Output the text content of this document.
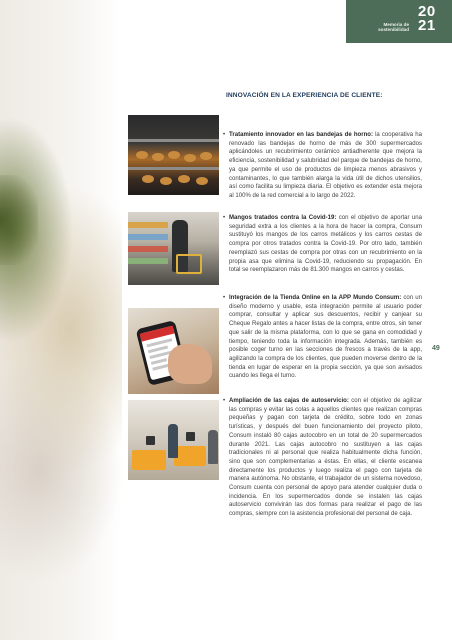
Memoria de
sostenibilidad
20
21
INNOVACIÓN EN LA EXPERIENCIA DE CLIENTE:
• Tratamiento innovador en las bandejas de horno: la cooperativa ha renovado las bandejas de horno de más de 300 supermercados aplicándoles un recubrimiento cerámico antiadherente que mejora la eficiencia, sostenibilidad y salubridad del parque de bandejas de horno, ya que permite el uso de productos de limpieza menos abrasivos y contaminantes, lo que también alarga la vida útil de dichos utensilios, así como facilita su limpieza diaria. El objetivo es extender esta mejora al 100% de la red comercial a lo largo de 2022.
• Mangos tratados contra la Covid-19: con el objetivo de aportar una seguridad extra a los clientes a la hora de hacer la compra, Consum sustituyó los mangos de los carros metálicos y los carros cestas de compra por otros tratados contra la Covid-19. Por otro lado, también reemplazó sus cestas de compra por otras con un recubrimiento en la propia asa que elimina la Covid-19, reduciendo su propagación. En total se reemplazaron más de 81.300 mangos en carros y cestas.
• Integración de la Tienda Online en la APP Mundo Consum: con un diseño moderno y usable, esta integración permite al usuario poder comprar, consultar y aplicar sus descuentos, recibir y canjear su Cheque Regalo antes a hacer listas de la compra, entre otros, sin tener que salir de la misma plataforma, con lo que se gana en comodidad y tiempo, teniendo toda la información integrada. Además, también es posible coger turno en las secciones de frescos a través de la app, agilizando la compra de los clientes, que pueden moverse dentro de la tienda en lugar de esperar en la propia sección, ya que son avisados cuando les llega el turno.
• Ampliación de las cajas de autoservicio: con el objetivo de agilizar las compras y evitar las colas a aquellos clientes que realizan compras pequeñas y pagan con tarjeta de crédito, sobre todo en zonas turísticas, y después del buen funcionamiento del proyecto piloto, Consum instaló 80 cajas autocobro en un total de 20 supermercados durante 2021. Las cajas autocobro no sustituyen a las cajas tradicionales ni al personal que realiza habitualmente dicha función, sino que son complementarias a éstas. En ellas, el cliente escanea directamente los productos y luego realiza el pago con tarjeta de manera autónoma. No obstante, el trabajador de un sistema novedoso, Consum cuenta con personal de apoyo para atender cualquier duda o incidencia. En los supermercados donde se instalen las cajas autoservicio convivirán las dos formas para realizar el pago de las compras, siempre con la asistencia profesional del personal de caja.
49
